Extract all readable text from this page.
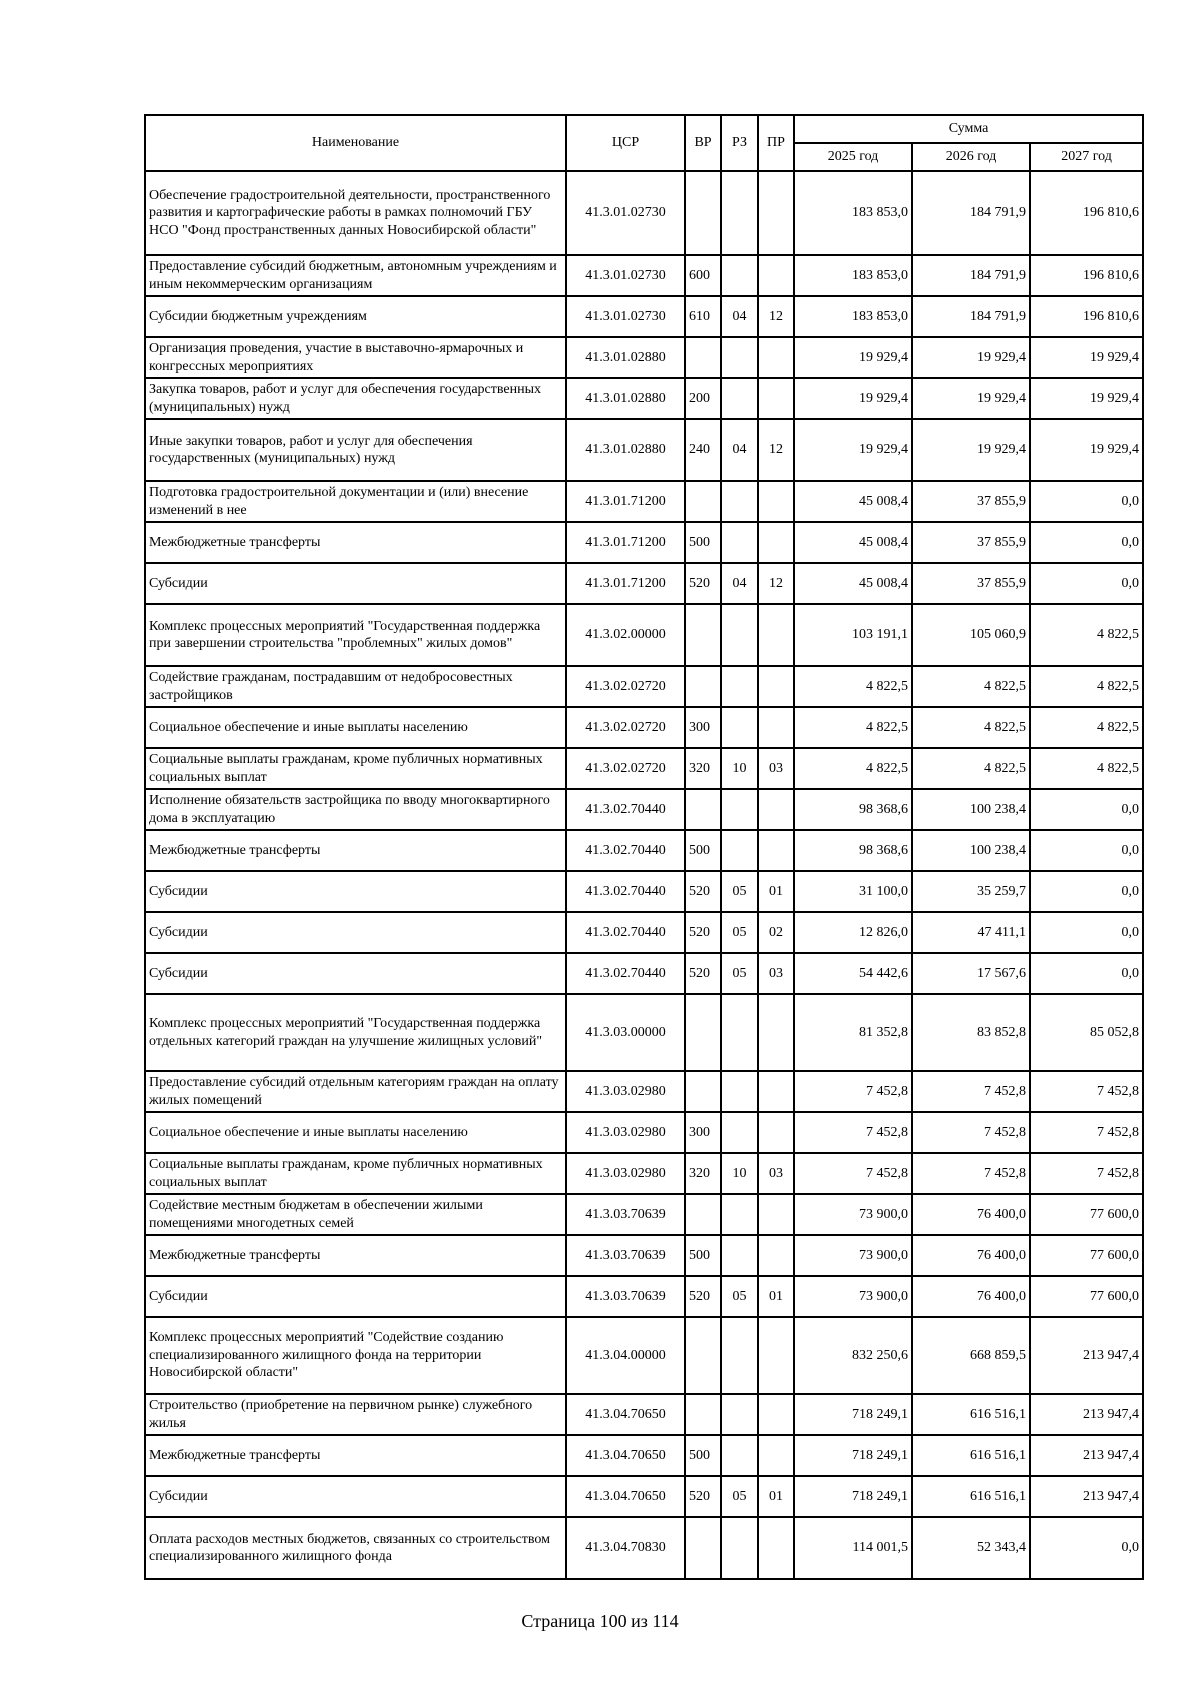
Наименование	ЦСР	ВР	РЗ	ПР	Сумма		
					2025 год	2026 год	2027 год
Обеспечение градостроительной деятельности, пространственного развития и картографические работы в рамках полномочий ГБУ НСО "Фонд пространственных данных Новосибирской области"	41.3.01.02730				183 853,0	184 791,9	196 810,6
Предоставление субсидий бюджетным, автономным учреждениям и иным некоммерческим организациям	41.3.01.02730	600			183 853,0	184 791,9	196 810,6
Субсидии бюджетным учреждениям	41.3.01.02730	610	04	12	183 853,0	184 791,9	196 810,6
Организация проведения, участие в выставочно-ярмарочных и конгрессных мероприятиях	41.3.01.02880				19 929,4	19 929,4	19 929,4
Закупка товаров, работ и услуг для обеспечения государственных (муниципальных) нужд	41.3.01.02880	200			19 929,4	19 929,4	19 929,4
Иные закупки товаров, работ и услуг для обеспечения государственных (муниципальных) нужд	41.3.01.02880	240	04	12	19 929,4	19 929,4	19 929,4
Подготовка градостроительной документации и (или) внесение изменений в нее	41.3.01.71200				45 008,4	37 855,9	0,0
Межбюджетные трансферты	41.3.01.71200	500			45 008,4	37 855,9	0,0
Субсидии	41.3.01.71200	520	04	12	45 008,4	37 855,9	0,0
Комплекс процессных мероприятий "Государственная поддержка при завершении строительства "проблемных" жилых домов"	41.3.02.00000				103 191,1	105 060,9	4 822,5
Содействие гражданам, пострадавшим от недобросовестных застройщиков	41.3.02.02720				4 822,5	4 822,5	4 822,5
Социальное обеспечение и иные выплаты населению	41.3.02.02720	300			4 822,5	4 822,5	4 822,5
Социальные выплаты гражданам, кроме публичных нормативных социальных выплат	41.3.02.02720	320	10	03	4 822,5	4 822,5	4 822,5
Исполнение обязательств застройщика по вводу многоквартирного дома в эксплуатацию	41.3.02.70440				98 368,6	100 238,4	0,0
Межбюджетные трансферты	41.3.02.70440	500			98 368,6	100 238,4	0,0
Субсидии	41.3.02.70440	520	05	01	31 100,0	35 259,7	0,0
Субсидии	41.3.02.70440	520	05	02	12 826,0	47 411,1	0,0
Субсидии	41.3.02.70440	520	05	03	54 442,6	17 567,6	0,0
Комплекс процессных мероприятий "Государственная поддержка отдельных категорий граждан на улучшение жилищных условий"	41.3.03.00000				81 352,8	83 852,8	85 052,8
Предоставление субсидий отдельным категориям граждан на оплату жилых помещений	41.3.03.02980				7 452,8	7 452,8	7 452,8
Социальное обеспечение и иные выплаты населению	41.3.03.02980	300			7 452,8	7 452,8	7 452,8
Социальные выплаты гражданам, кроме публичных нормативных социальных выплат	41.3.03.02980	320	10	03	7 452,8	7 452,8	7 452,8
Содействие местным бюджетам в обеспечении жилыми помещениями многодетных семей	41.3.03.70639				73 900,0	76 400,0	77 600,0
Межбюджетные трансферты	41.3.03.70639	500			73 900,0	76 400,0	77 600,0
Субсидии	41.3.03.70639	520	05	01	73 900,0	76 400,0	77 600,0
Комплекс процессных мероприятий "Содействие созданию специализированного жилищного фонда на территории Новосибирской области"	41.3.04.00000				832 250,6	668 859,5	213 947,4
Строительство (приобретение на первичном рынке) служебного жилья	41.3.04.70650				718 249,1	616 516,1	213 947,4
Межбюджетные трансферты	41.3.04.70650	500			718 249,1	616 516,1	213 947,4
Субсидии	41.3.04.70650	520	05	01	718 249,1	616 516,1	213 947,4
Оплата расходов местных бюджетов, связанных со строительством специализированного жилищного фонда	41.3.04.70830				114 001,5	52 343,4	0,0
Страница 100 из 114
